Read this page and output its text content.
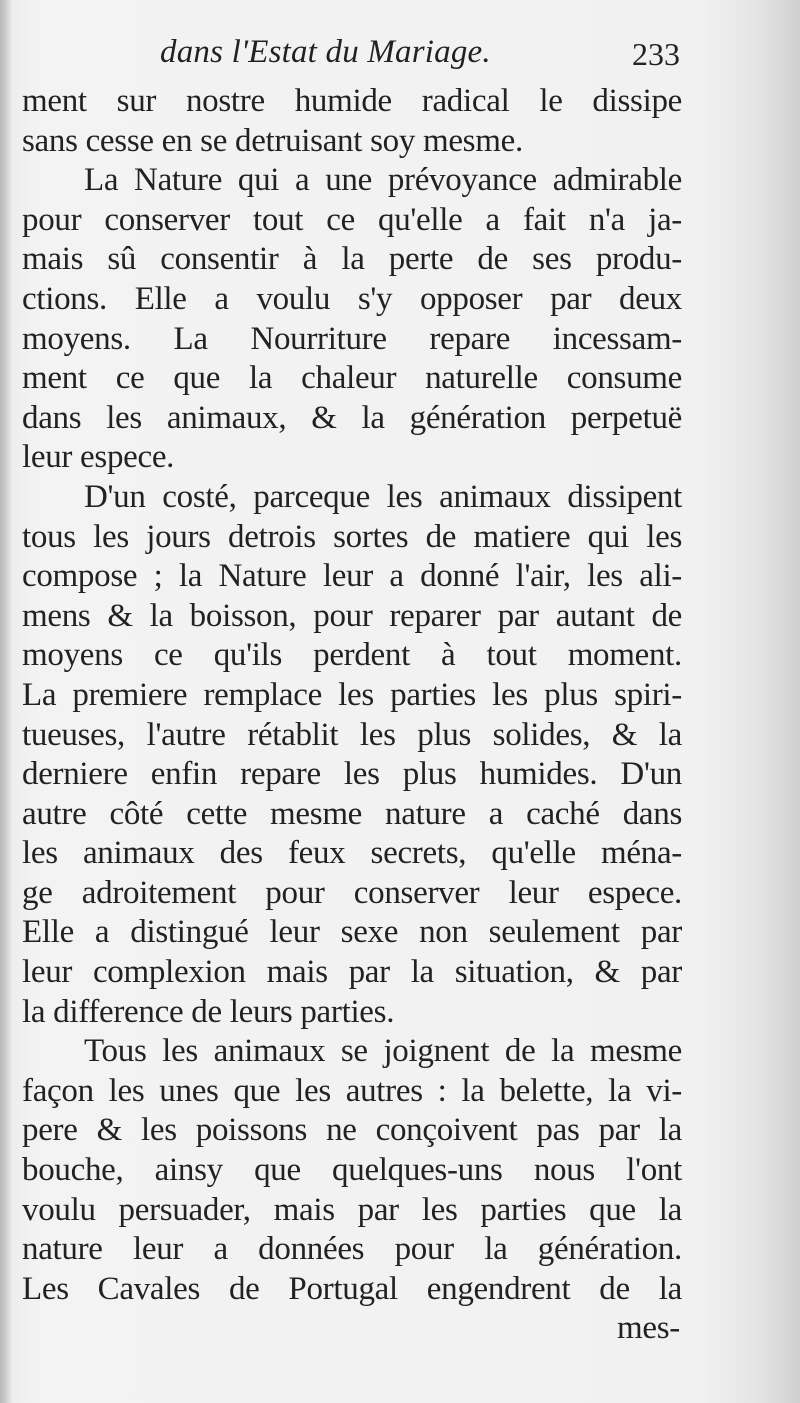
dans l'Estat du Mariage.	233
ment sur nostre humide radical le dissipe
sans cesse en se detruisant soy mesme.
La Nature qui a une prévoyance admirable
pour conserver tout ce qu'elle a fait n'a ja-
mais sû consentir à la perte de ses produ-
ctions. Elle a voulu s'y opposer par deux
moyens. La Nourriture repare incessam-
ment ce que la chaleur naturelle consume
dans les animaux, & la génération perpetuë
leur espece.
D'un costé, parceque les animaux dissipent
tous les jours detrois sortes de matiere qui les
compose ; la Nature leur a donné l'air, les ali-
mens & la boisson, pour reparer par autant de
moyens ce qu'ils perdent à tout moment.
La premiere remplace les parties les plus spiri-
tueuses, l'autre rétablit les plus solides, & la
derniere enfin repare les plus humides. D'un
autre côté cette mesme nature a caché dans
les animaux des feux secrets, qu'elle ména-
ge adroitement pour conserver leur espece.
Elle a distingué leur sexe non seulement par
leur complexion mais par la situation, & par
la difference de leurs parties.
Tous les animaux se joignent de la mesme
façon les unes que les autres : la belette, la vi-
pere & les poissons ne conçoivent pas par la
bouche, ainsy que quelques-uns nous l'ont
voulu persuader, mais par les parties que la
nature leur a données pour la génération.
Les Cavales de Portugal engendrent de la
mes-
